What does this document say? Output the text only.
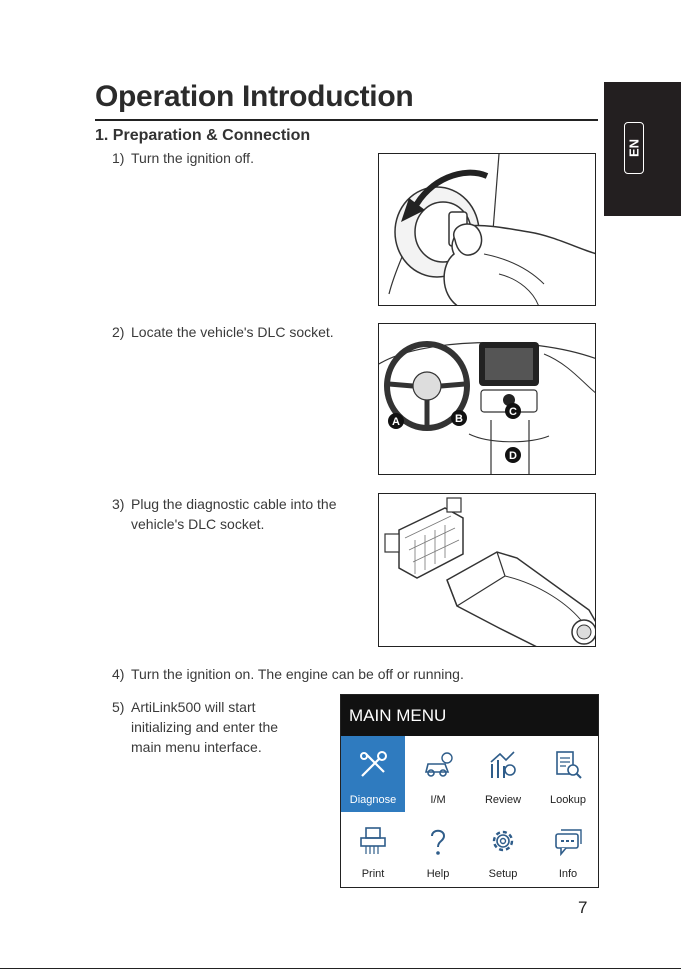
Operation Introduction
1. Preparation & Connection
EN
1) Turn the ignition off.
2) Locate the vehicle's DLC socket.
A	B
C
D
3) Plug the diagnostic cable into the vehicle's DLC socket.
4) Turn the ignition on. The engine can be off or running.
5) ArtiLink500 will start initializing and enter the main menu interface.
MAIN MENU
Diagnose	I/M	Review	Lookup
Print	Help	Setup	Info
7
